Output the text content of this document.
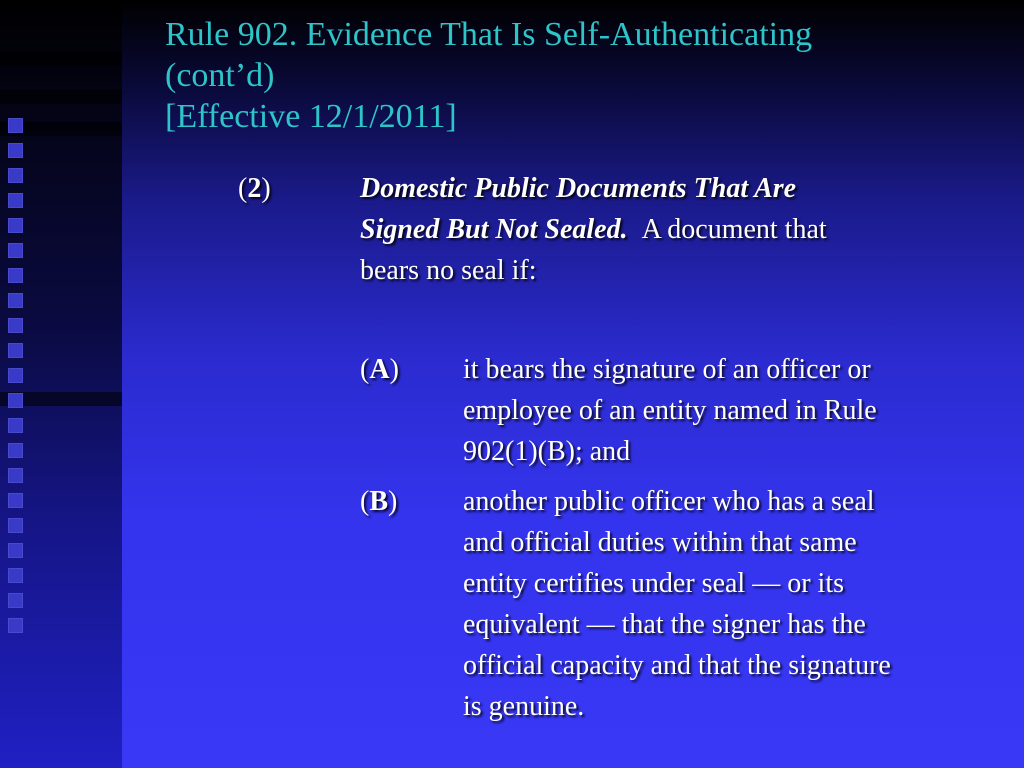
Rule 902. Evidence That Is Self-Authenticating
(cont’d)
[Effective 12/1/2011]
(2)	Domestic Public Documents That Are
Signed But Not Sealed. A document that
bears no seal if:
(A) it bears the signature of an officer or
employee of an entity named in Rule
902(1)(B); and
(B) another public officer who has a seal
and official duties within that same
entity certifies under seal — or its
equivalent — that the signer has the
official capacity and that the signature
is genuine.
